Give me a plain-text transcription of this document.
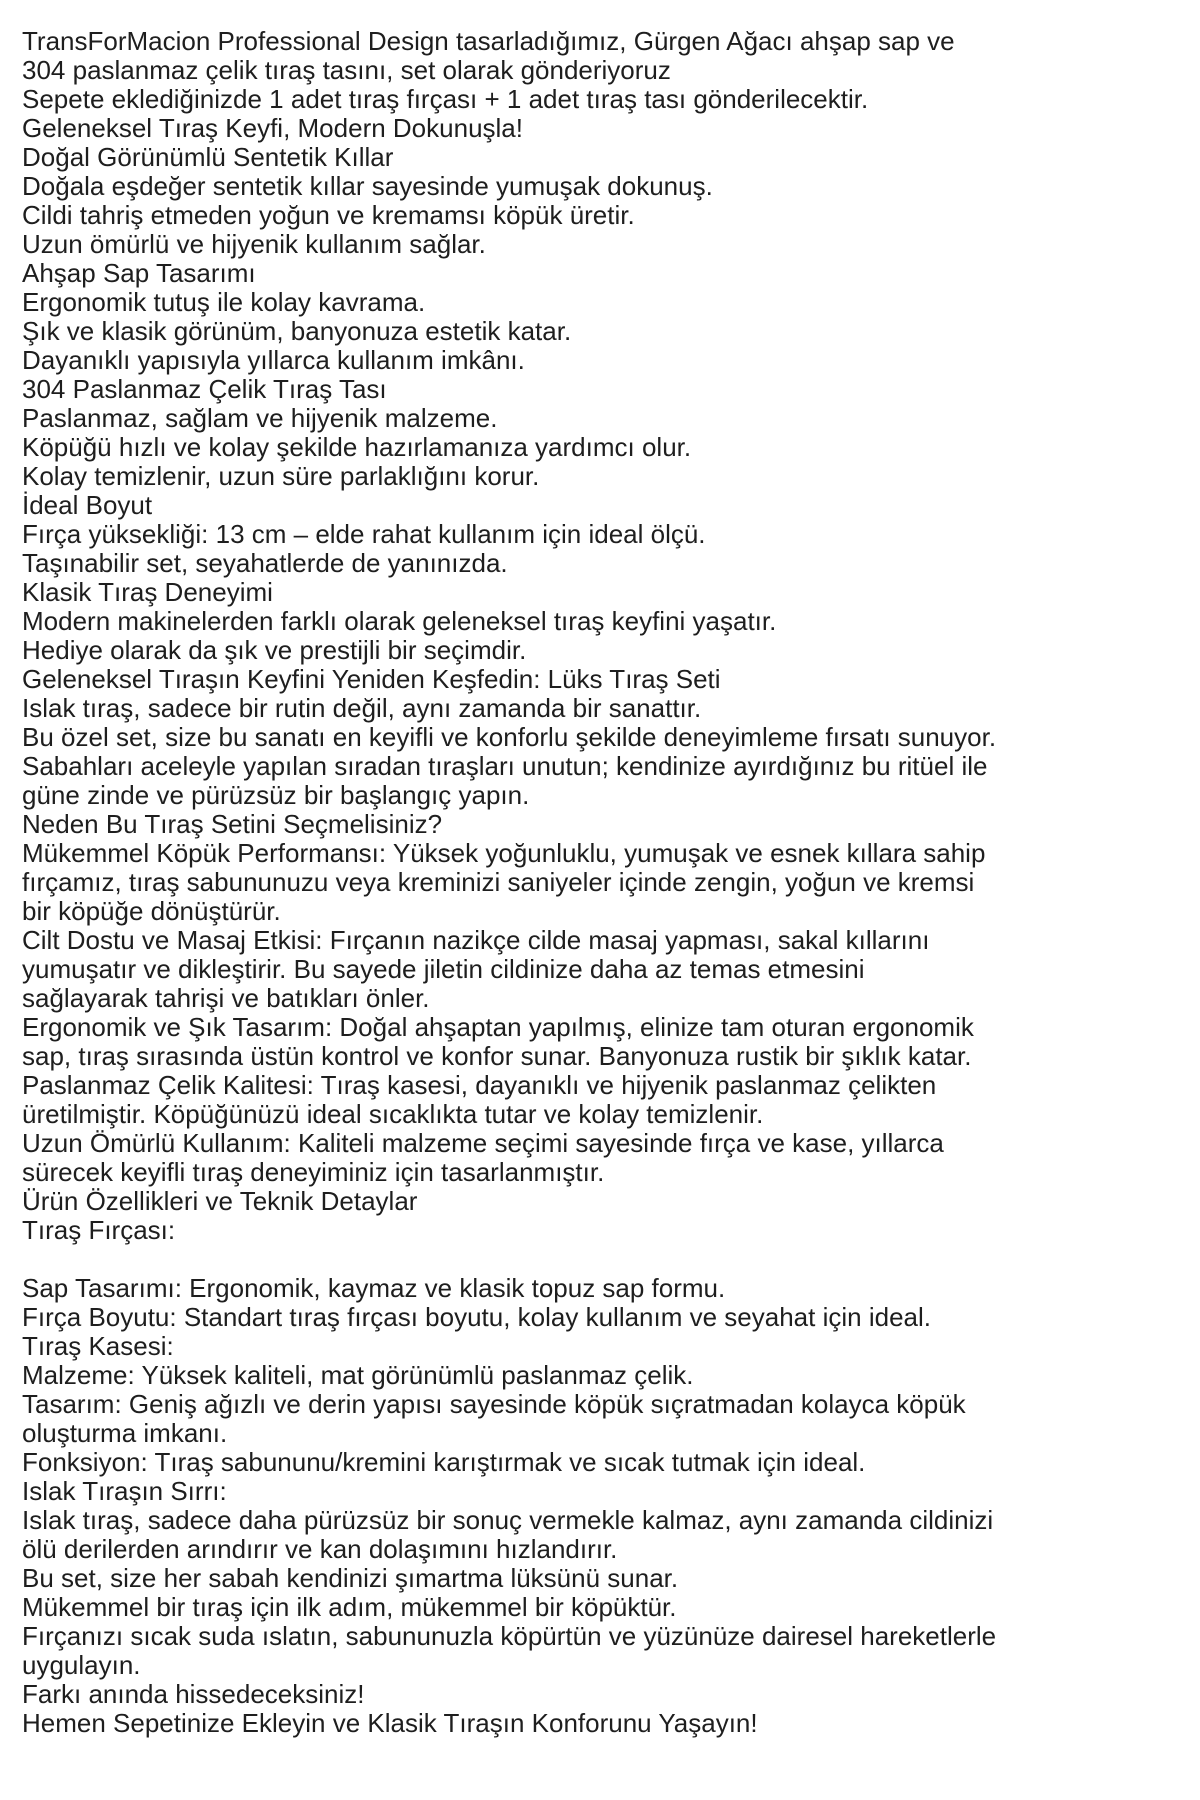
TransForMacion Professional Design tasarladığımız, Gürgen Ağacı ahşap sap ve
304 paslanmaz çelik tıraş tasını, set olarak gönderiyoruz
Sepete eklediğinizde 1 adet tıraş fırçası + 1 adet tıraş tası gönderilecektir.
Geleneksel Tıraş Keyfi, Modern Dokunuşla!
Doğal Görünümlü Sentetik Kıllar
Doğala eşdeğer sentetik kıllar sayesinde yumuşak dokunuş.
Cildi tahriş etmeden yoğun ve kremamsı köpük üretir.
Uzun ömürlü ve hijyenik kullanım sağlar.
Ahşap Sap Tasarımı
Ergonomik tutuş ile kolay kavrama.
Şık ve klasik görünüm, banyonuza estetik katar.
Dayanıklı yapısıyla yıllarca kullanım imkânı.
304 Paslanmaz Çelik Tıraş Tası
Paslanmaz, sağlam ve hijyenik malzeme.
Köpüğü hızlı ve kolay şekilde hazırlamanıza yardımcı olur.
Kolay temizlenir, uzun süre parlaklığını korur.
İdeal Boyut
Fırça yüksekliği: 13 cm – elde rahat kullanım için ideal ölçü.
Taşınabilir set, seyahatlerde de yanınızda.
Klasik Tıraş Deneyimi
Modern makinelerden farklı olarak geleneksel tıraş keyfini yaşatır.
Hediye olarak da şık ve prestijli bir seçimdir.
Geleneksel Tıraşın Keyfini Yeniden Keşfedin: Lüks Tıraş Seti
Islak tıraş, sadece bir rutin değil, aynı zamanda bir sanattır.
Bu özel set, size bu sanatı en keyifli ve konforlu şekilde deneyimleme fırsatı sunuyor.
Sabahları aceleyle yapılan sıradan tıraşları unutun; kendinize ayırdığınız bu ritüel ile
güne zinde ve pürüzsüz bir başlangıç yapın.
Neden Bu Tıraş Setini Seçmelisiniz?
Mükemmel Köpük Performansı: Yüksek yoğunluklu, yumuşak ve esnek kıllara sahip
fırçamız, tıraş sabununuzu veya kreminizi saniyeler içinde zengin, yoğun ve kremsi
bir köpüğe dönüştürür.
Cilt Dostu ve Masaj Etkisi: Fırçanın nazikçe cilde masaj yapması, sakal kıllarını
yumuşatır ve dikleştirir. Bu sayede jiletin cildinize daha az temas etmesini
sağlayarak tahrişi ve batıkları önler.
Ergonomik ve Şık Tasarım: Doğal ahşaptan yapılmış, elinize tam oturan ergonomik
sap, tıraş sırasında üstün kontrol ve konfor sunar. Banyonuza rustik bir şıklık katar.
Paslanmaz Çelik Kalitesi: Tıraş kasesi, dayanıklı ve hijyenik paslanmaz çelikten
üretilmiştir. Köpüğünüzü ideal sıcaklıkta tutar ve kolay temizlenir.
Uzun Ömürlü Kullanım: Kaliteli malzeme seçimi sayesinde fırça ve kase, yıllarca
sürecek keyifli tıraş deneyiminiz için tasarlanmıştır.
Ürün Özellikleri ve Teknik Detaylar
Tıraş Fırçası:
Sap Tasarımı: Ergonomik, kaymaz ve klasik topuz sap formu.
Fırça Boyutu: Standart tıraş fırçası boyutu, kolay kullanım ve seyahat için ideal.
Tıraş Kasesi:
Malzeme: Yüksek kaliteli, mat görünümlü paslanmaz çelik.
Tasarım: Geniş ağızlı ve derin yapısı sayesinde köpük sıçratmadan kolayca köpük
oluşturma imkanı.
Fonksiyon: Tıraş sabununu/kremini karıştırmak ve sıcak tutmak için ideal.
Islak Tıraşın Sırrı:
Islak tıraş, sadece daha pürüzsüz bir sonuç vermekle kalmaz, aynı zamanda cildinizi
ölü derilerden arındırır ve kan dolaşımını hızlandırır.
Bu set, size her sabah kendinizi şımartma lüksünü sunar.
Mükemmel bir tıraş için ilk adım, mükemmel bir köpüktür.
Fırçanızı sıcak suda ıslatın, sabununuzla köpürtün ve yüzünüze dairesel hareketlerle
uygulayın.
Farkı anında hissedeceksiniz!
Hemen Sepetinize Ekleyin ve Klasik Tıraşın Konforunu Yaşayın!
